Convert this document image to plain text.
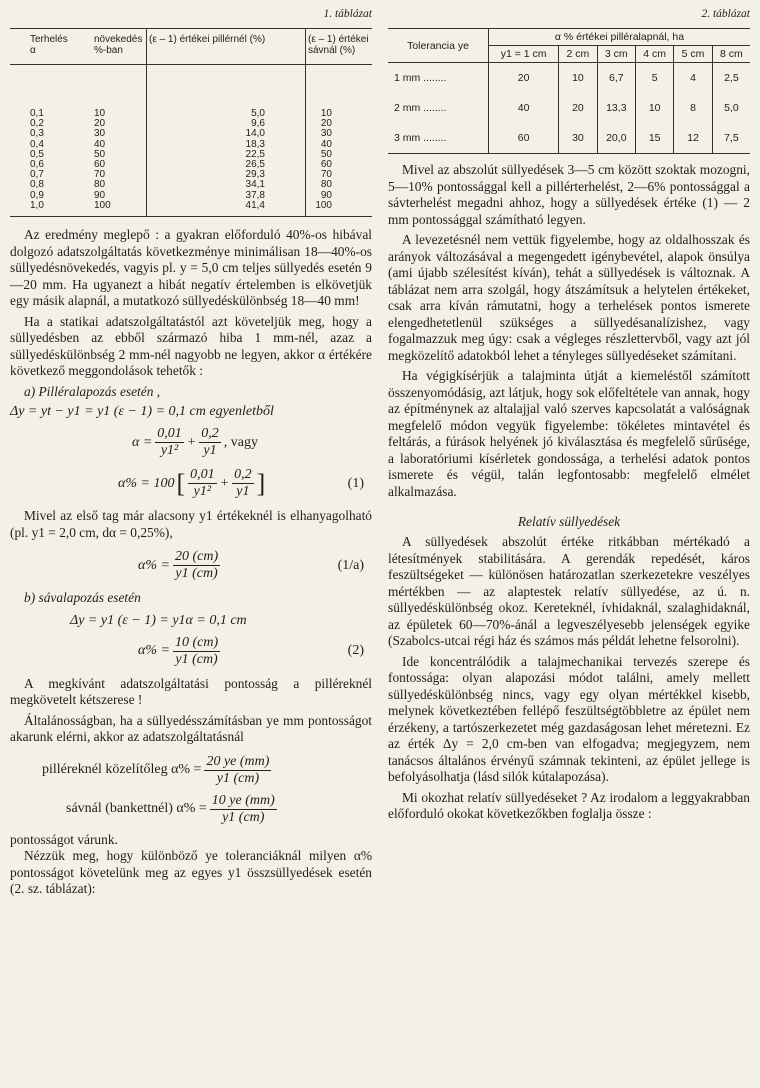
1. táblázat
Terhelés α	növekedés %-ban	(ε – 1) értékei pillérnél (%)	(ε – 1) értékei sávnál (%)
0,1	10	5,0	10
0,2	20	9,6	20
0,3	30	14,0	30
0,4	40	18,3	40
0,5	50	22,5	50
0,6	60	26,5	60
0,7	70	29,3	70
0,8	80	34,1	80
0,9	90	37,8	90
1,0	100	41,4	100

Az eredmény meglepő : a gyakran előforduló 40%-os hibával dolgozó adatszolgáltatás következménye minimálisan 18—40%-os süllyedésnövekedés, vagyis pl. y = 5,0 cm teljes süllyedés esetén 9—20 mm. Ha ugyanezt a hibát negatív értelemben is elkövetjük egy másik alapnál, a mutatkozó süllyedéskülönbség 18—40 mm!

Ha a statikai adatszolgáltatástól azt követeljük meg, hogy a süllyedésben az ebből származó hiba 1 mm-nél, azaz a süllyedéskülönbség 2 mm-nél nagyobb ne legyen, akkor α értékére következő meggondolások tehetők :

a) Pilléralapozás esetén ,

Δy = yt − y1 = y1 (ε − 1) = 0,1 cm egyenletből
$\alpha = \frac{0,01}{\text{y1²}} + \frac{0,2}{y1}$ , vagy
α% = 100 [ $\frac{0,01}{\text{y1²}} + \frac{0,2}{y1}$ ]	(1)

Mivel az első tag már alacsony y1 értékeknél is elhanyagolható (pl. y1 = 2,0 cm, dα = 0,25%),

$\alpha\% = \frac{20 (cm)}{y1 (cm)}$	(1/a)

b) sávalapozás esetén

Δy = y1 (ε − 1) = y1α = 0,1 cm
$\alpha\% = \frac{10 (cm)}{y1 (cm)}$	(2)

A megkívánt adatszolgáltatási pontosság a pilléreknél megkövetelt kétszerese !

Általánosságban, ha a süllyedésszámításban ye mm pontosságot akarunk elérni, akkor az adatszolgáltatásnál

pilléreknél közelítőleg $\alpha\% = \frac{20 ye (mm)}{y1 (cm)}$
sávnál (bankettnél) $\alpha\% = \frac{10 ye (mm)}{y1 (cm)}$

pontosságot várunk.

Nézzük meg, hogy különböző ye toleranciáknál milyen α% pontosságot követelünk meg az egyes y1 összsüllyedések esetén (2. sz. táblázat):

2. táblázat
Tolerancia ye	α % értékei pilléralapnál, ha					
	y1 = 1 cm	2 cm	3 cm	4 cm	5 cm	8 cm
1 mm ........	20	10	6,7	5	4	2,5
2 mm ........	40	20	13,3	10	8	5,0
3 mm ........	60	30	20,0	15	12	7,5

Mivel az abszolút süllyedések 3—5 cm között szoktak mozogni, 5—10% pontossággal kell a pillérterhelést, 2—6% pontossággal a sávterhelést megadni ahhoz, hogy a süllyedések értéke (1) — 2 mm pontossággal számítható legyen.

A levezetésnél nem vettük figyelembe, hogy az oldalhosszak és arányok változásával a megengedett igénybevétel, alapok önsúlya (ami újabb szélesítést kíván), tehát a süllyedések is változnak. A táblázat nem arra szolgál, hogy átszámítsuk a helytelen értékeket, csak arra kíván rámutatni, hogy a terhelések pontos ismerete elengedhetetlenül szükséges a süllyedésanalízishez, vagy fogalmazzuk meg úgy: csak a végleges részlettervből, vagy azt jól megközelítő adatokból lehet a tényleges süllyedéseket számítani.

Ha végigkísérjük a talajminta útját a kiemeléstől számított összenyomódásig, azt látjuk, hogy sok előfeltétele van annak, hogy az építménynek az altalajjal való szerves kapcsolatát a valóságnak megfelelő módon vegyük figyelembe: tökéletes mintavétel és feltárás, a fúrások helyének jó kiválasztása és megfelelő sűrűsége, a laboratóriumi kísérletek gondossága, a terhelési adatok pontos ismerete és végül, talán legfontosabb: megfelelő elmélet alkalmazása.

Relatív süllyedések

A süllyedések abszolút értéke ritkábban mértékadó a létesítmények stabilitására. A gerendák repedését, káros feszültségeket — különösen határozatlan szerkezetekre veszélyes mértékben — az alaptestek relatív süllyedése, az ú. n. süllyedéskülönbség okoz. Kereteknél, ívhidaknál, szalaghidaknál, az épületek 60—70%-ánál a legveszélyesebb jelenségek egyike (Szabolcs-utcai régi ház és számos más példát lehetne felsorolni).

Ide koncentrálódik a talajmechanikai tervezés szerepe és fontossága: olyan alapozási módot találni, amely mellett süllyedéskülönbség nincs, vagy egy olyan mértékkel kisebb, melynek következtében fellépő feszültségtöbbletre az épület nem érzékeny, a tartószerkezetet még gazdaságosan lehet méretezni. Ez az érték Δy = 2,0 cm-ben van elfogadva; megjegyzem, nem tanácsos általános érvényű számnak tekinteni, az épület jellege is befolyásolhatja (lásd silók kútalapozása).

Mi okozhat relatív süllyedéseket ? Az irodalom a leggyakrabban előforduló okokat következőkben foglalja össze :
